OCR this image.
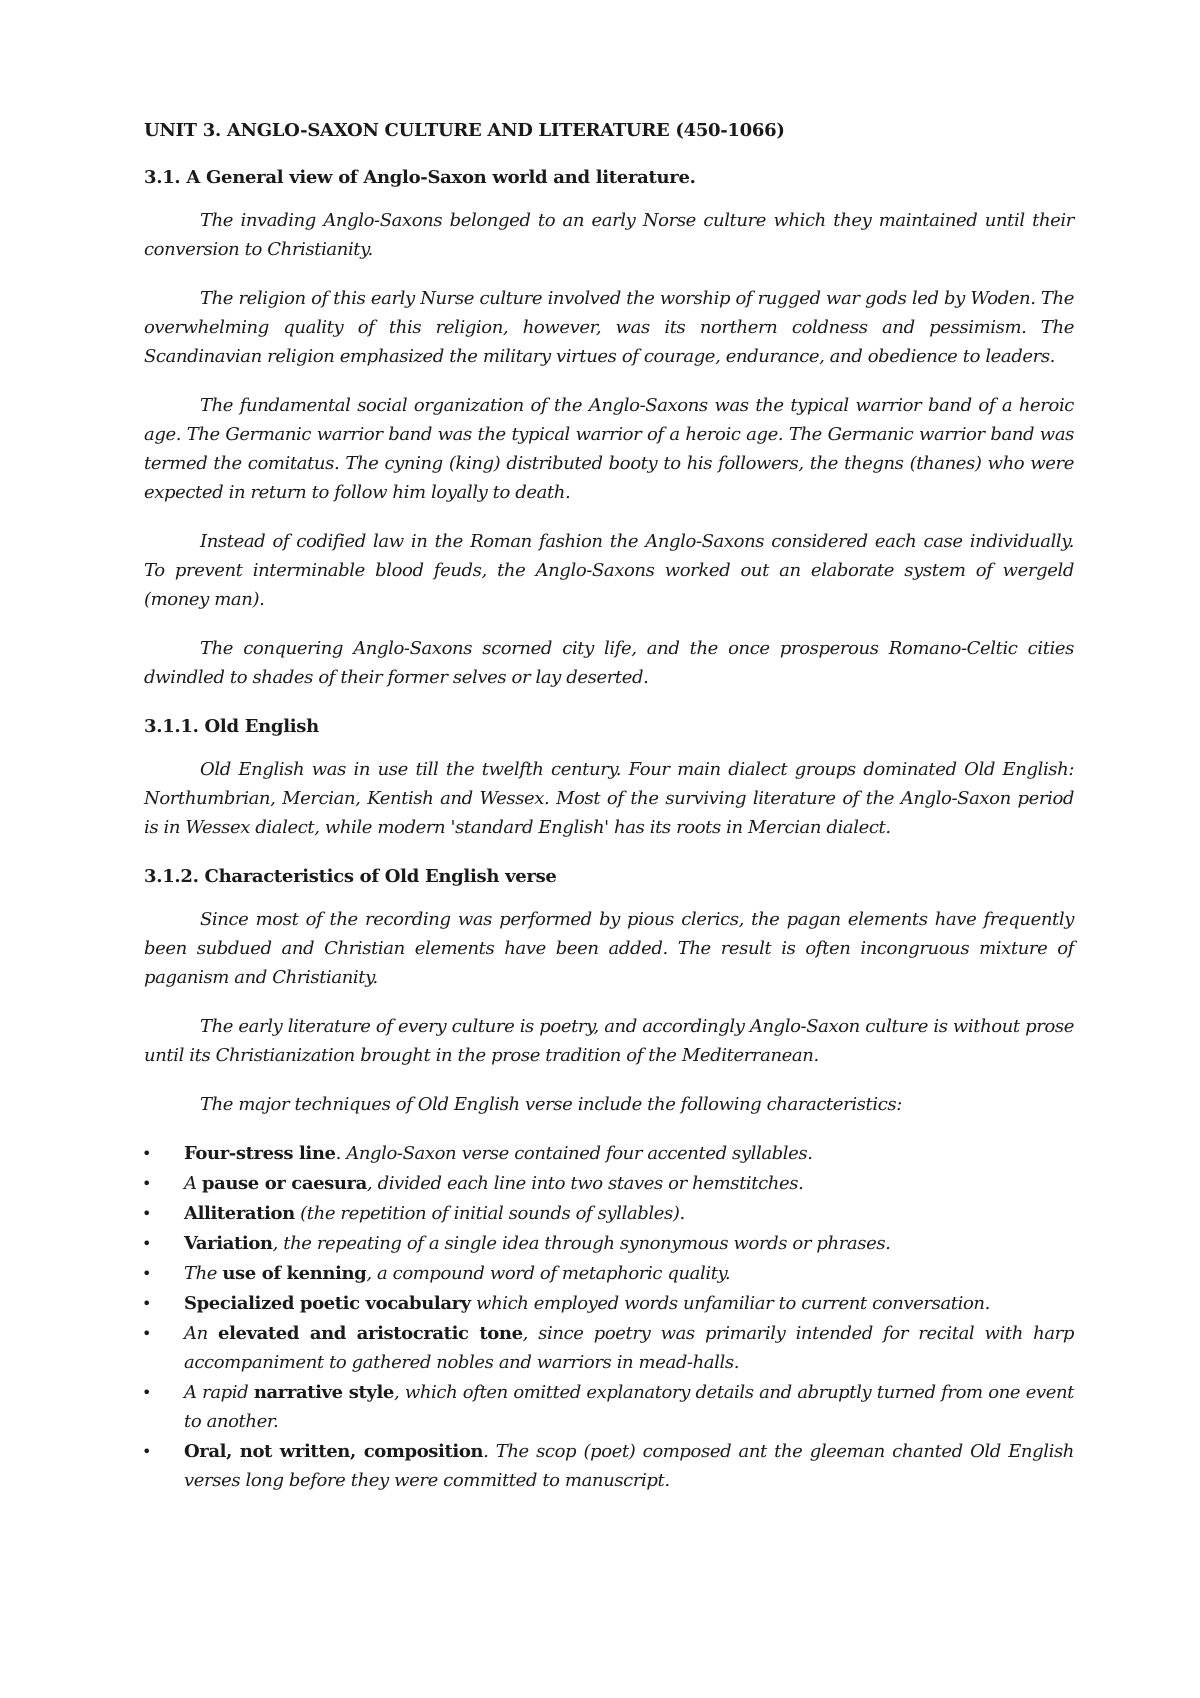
UNIT 3. ANGLO-SAXON CULTURE AND LITERATURE (450-1066)
3.1. A General view of Anglo-Saxon world and literature.

The invading Anglo-Saxons belonged to an early Norse culture which they maintained until their conversion to Christianity.

The religion of this early Nurse culture involved the worship of rugged war gods led by Woden. The overwhelming quality of this religion, however, was its northern coldness and pessimism. The Scandinavian religion emphasized the military virtues of courage, endurance, and obedience to leaders.

The fundamental social organization of the Anglo-Saxons was the typical warrior band of a heroic age. The Germanic warrior band was the typical warrior of a heroic age. The Germanic warrior band was termed the comitatus. The cyning (king) distributed booty to his followers, the thegns (thanes) who were expected in return to follow him loyally to death.

Instead of codified law in the Roman fashion the Anglo-Saxons considered each case individually. To prevent interminable blood feuds, the Anglo-Saxons worked out an elaborate system of wergeld (money man).

The conquering Anglo-Saxons scorned city life, and the once prosperous Romano-Celtic cities dwindled to shades of their former selves or lay deserted.

3.1.1. Old English

Old English was in use till the twelfth century. Four main dialect groups dominated Old English: Northumbrian, Mercian, Kentish and Wessex. Most of the surviving literature of the Anglo-Saxon period is in Wessex dialect, while modern 'standard English' has its roots in Mercian dialect.

3.1.2. Characteristics of Old English verse

Since most of the recording was performed by pious clerics, the pagan elements have frequently been subdued and Christian elements have been added. The result is often incongruous mixture of paganism and Christianity.

The early literature of every culture is poetry, and accordingly Anglo-Saxon culture is without prose until its Christianization brought in the prose tradition of the Mediterranean.

The major techniques of Old English verse include the following characteristics:

•	Four-stress line. Anglo-Saxon verse contained four accented syllables.
•	A pause or caesura, divided each line into two staves or hemstitches.
•	Alliteration (the repetition of initial sounds of syllables).
•	Variation, the repeating of a single idea through synonymous words or phrases.
•	The use of kenning, a compound word of metaphoric quality.
•	Specialized poetic vocabulary which employed words unfamiliar to current conversation.
•	An elevated and aristocratic tone, since poetry was primarily intended for recital with harp accompaniment to gathered nobles and warriors in mead-halls.
•	A rapid narrative style, which often omitted explanatory details and abruptly turned from one event to another.
•	Oral, not written, composition. The scop (poet) composed ant the gleeman chanted Old English verses long before they were committed to manuscript.
